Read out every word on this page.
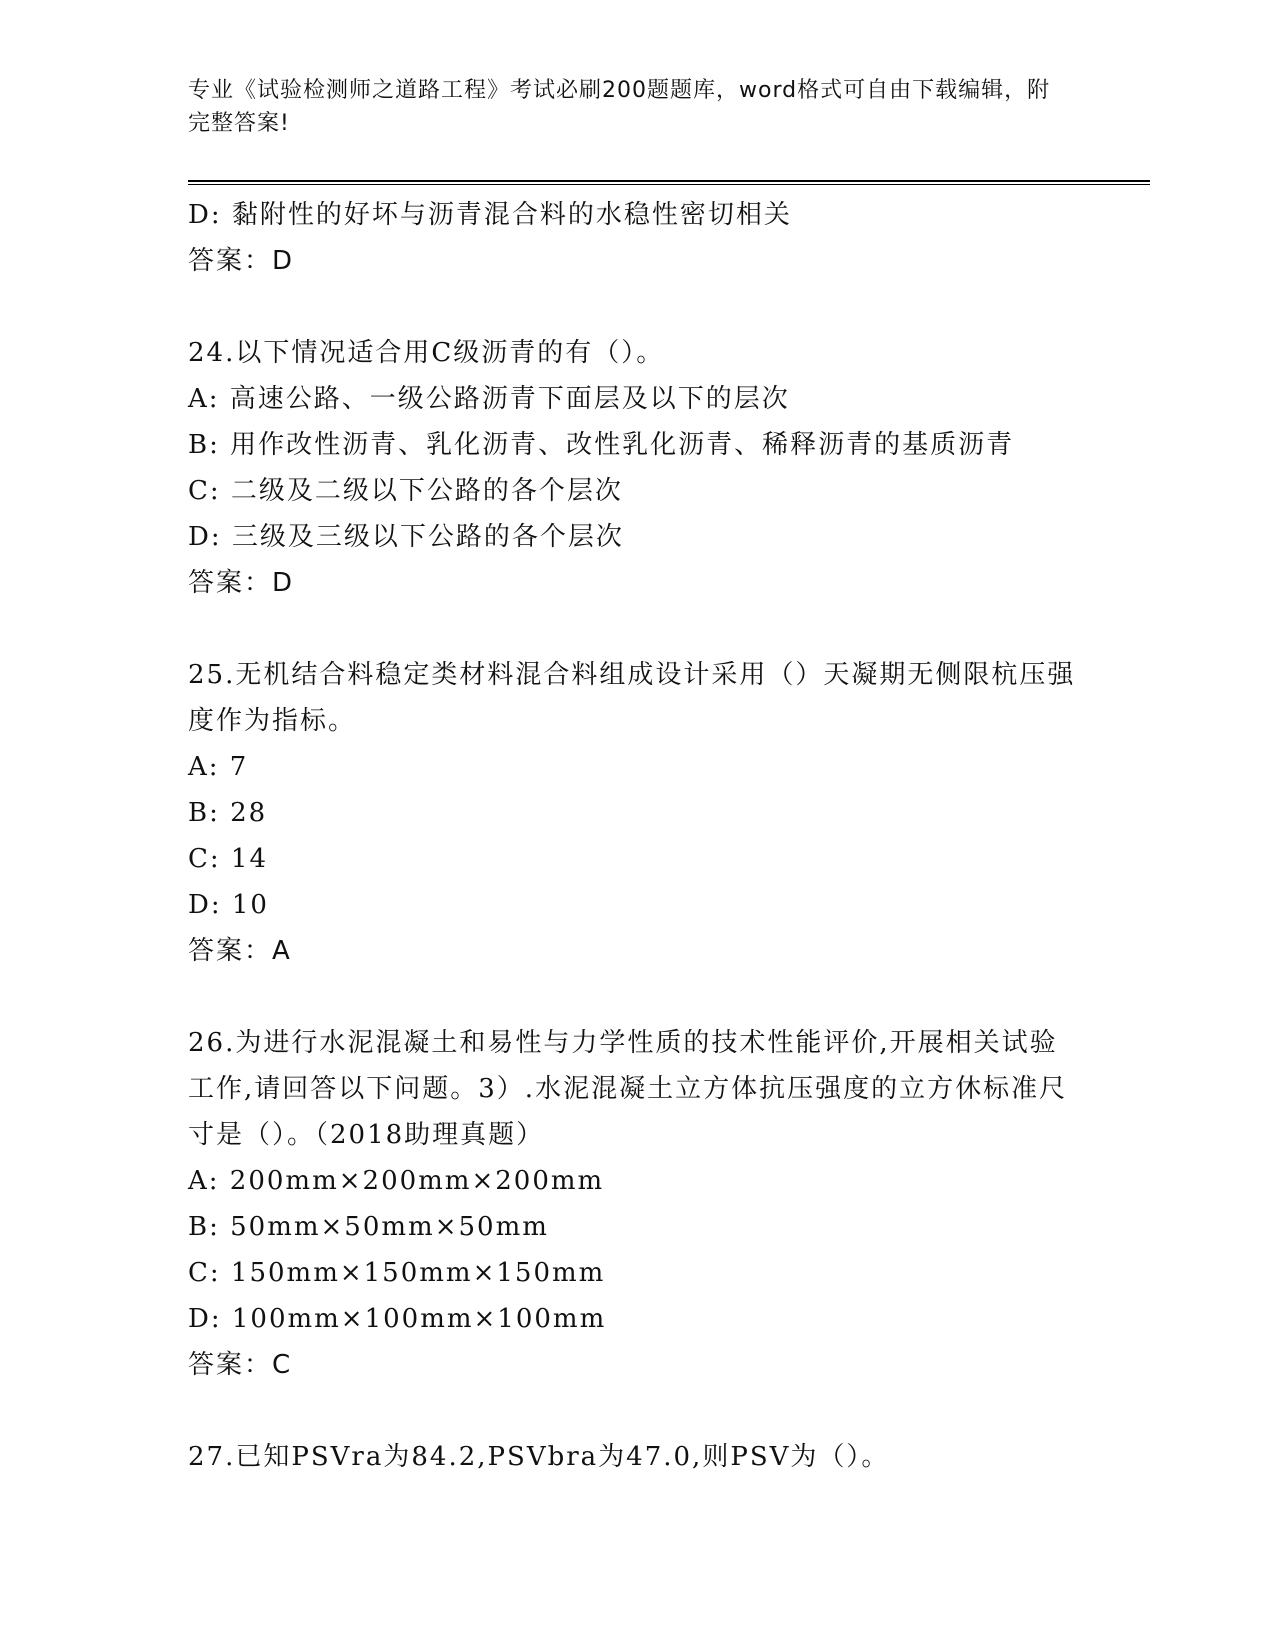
专业《试验检测师之道路工程》考试必刷200题题库，word格式可自由下载编辑，附完整答案!
D: 黏附性的好坏与沥青混合料的水稳性密切相关
答案：D
24.以下情况适合用C级沥青的有（）。
A: 高速公路、一级公路沥青下面层及以下的层次
B: 用作改性沥青、乳化沥青、改性乳化沥青、稀释沥青的基质沥青
C: 二级及二级以下公路的各个层次
D: 三级及三级以下公路的各个层次
答案：D
25.无机结合料稳定类材料混合料组成设计采用（）天凝期无侧限杭压强度作为指标。
A: 7
B: 28
C: 14
D: 10
答案：A
26.为进行水泥混凝土和易性与力学性质的技术性能评价,开展相关试验工作,请回答以下问题。3）.水泥混凝土立方体抗压强度的立方休标准尺寸是（）。（2018助理真题）
A: 200mm×200mm×200mm
B: 50mm×50mm×50mm
C: 150mm×150mm×150mm
D: 100mm×100mm×100mm
答案：C
27.已知PSVra为84.2,PSVbra为47.0,则PSV为（）。
